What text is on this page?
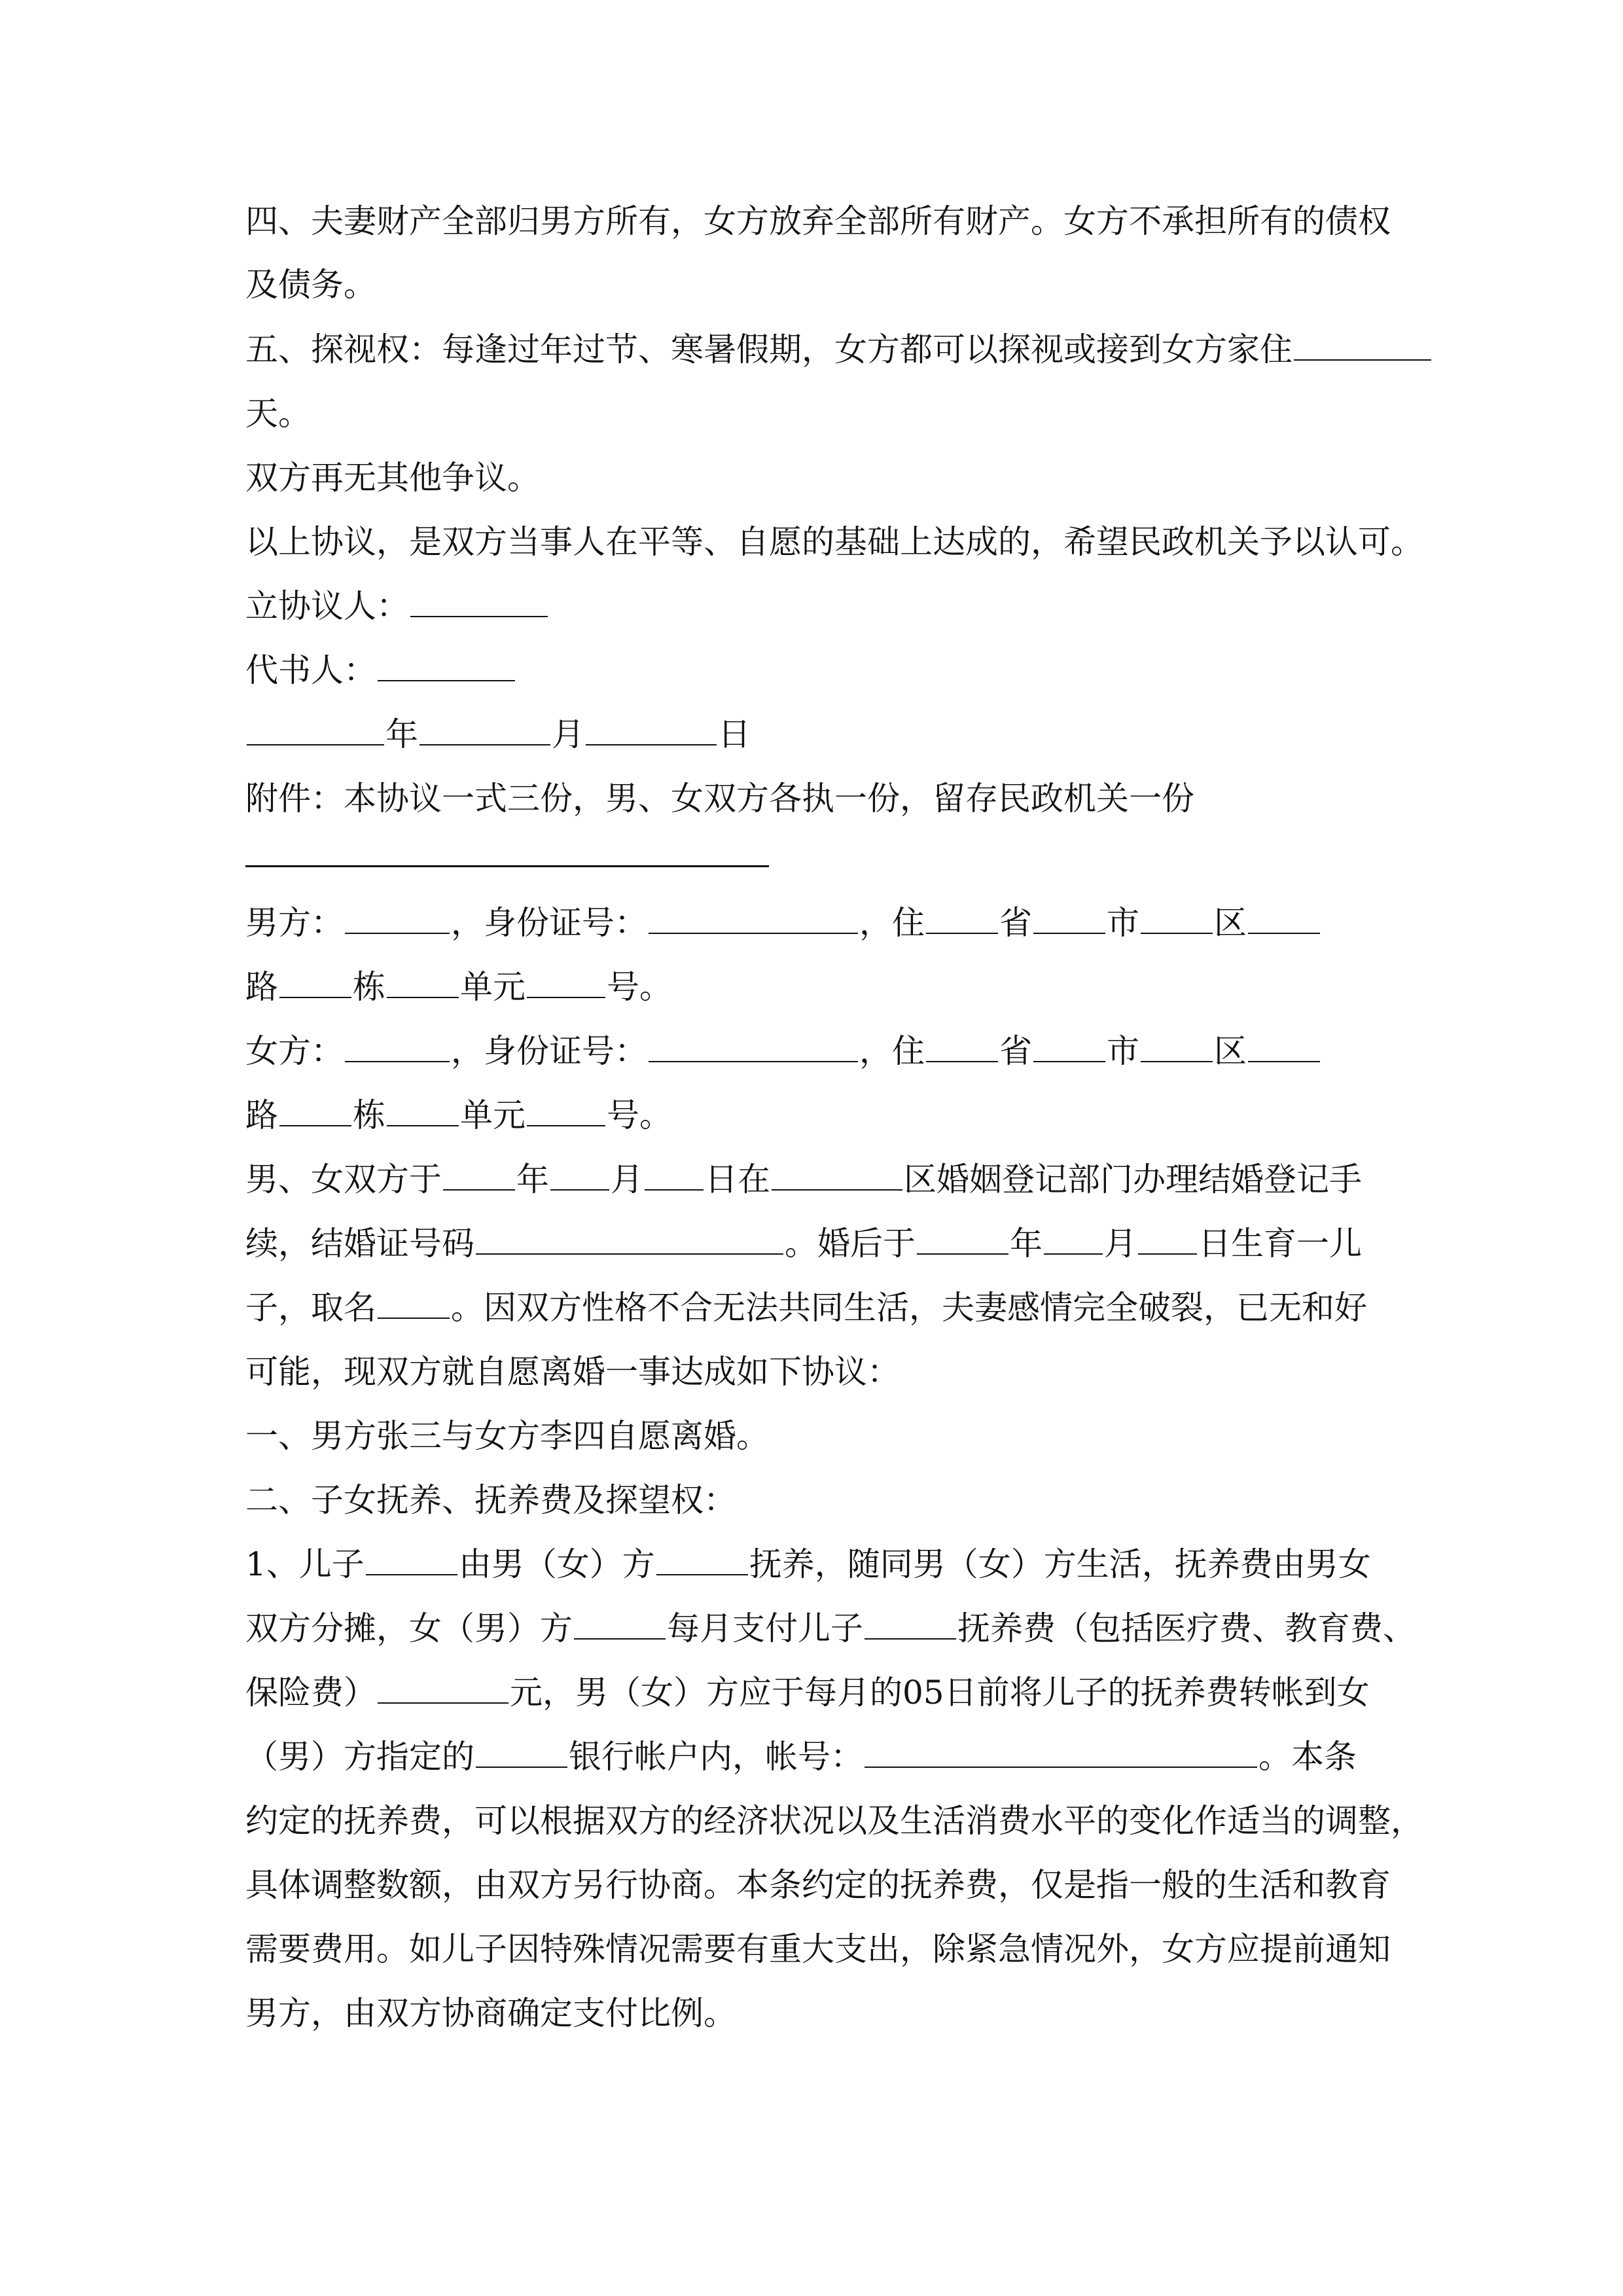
四、夫妻财产全部归男方所有，女方放弃全部所有财产。女方不承担所有的债权
及债务。
五、探视权：每逢过年过节、寒暑假期，女方都可以探视或接到女方家住
天。
双方再无其他争议。
以上协议，是双方当事人在平等、自愿的基础上达成的，希望民政机关予以认可。
立协议人：
代书人：
年	月	日
附件：本协议一式三份，男、女双方各执一份，留存民政机关一份
男方：	，身份证号：	，住 省 市 区
路 栋 单元 号。
女方：	，身份证号：	，住 省 市 区
路 栋 单元 号。
男、女双方于 年 月 日在	区婚姻登记部门办理结婚登记手
续，结婚证号码	。婚后于	年 月 日生育一儿
子，取名 。因双方性格不合无法共同生活，夫妻感情完全破裂，已无和好
可能，现双方就自愿离婚一事达成如下协议：
一、男方张三与女方李四自愿离婚。
二、子女抚养、抚养费及探望权：
1、儿子	由男（女）方	抚养，随同男（女）方生活，抚养费由男女
双方分摊，女（男）方	每月支付儿子	抚养费（包括医疗费、教育费、
保险费）	元，男（女）方应于每月的05日前将儿子的抚养费转帐到女
（男）方指定的	银行帐户内，帐号：	。本条
约定的抚养费，可以根据双方的经济状况以及生活消费水平的变化作适当的调整，
具体调整数额，由双方另行协商。本条约定的抚养费，仅是指一般的生活和教育
需要费用。如儿子因特殊情况需要有重大支出，除紧急情况外，女方应提前通知
男方，由双方协商确定支付比例。
